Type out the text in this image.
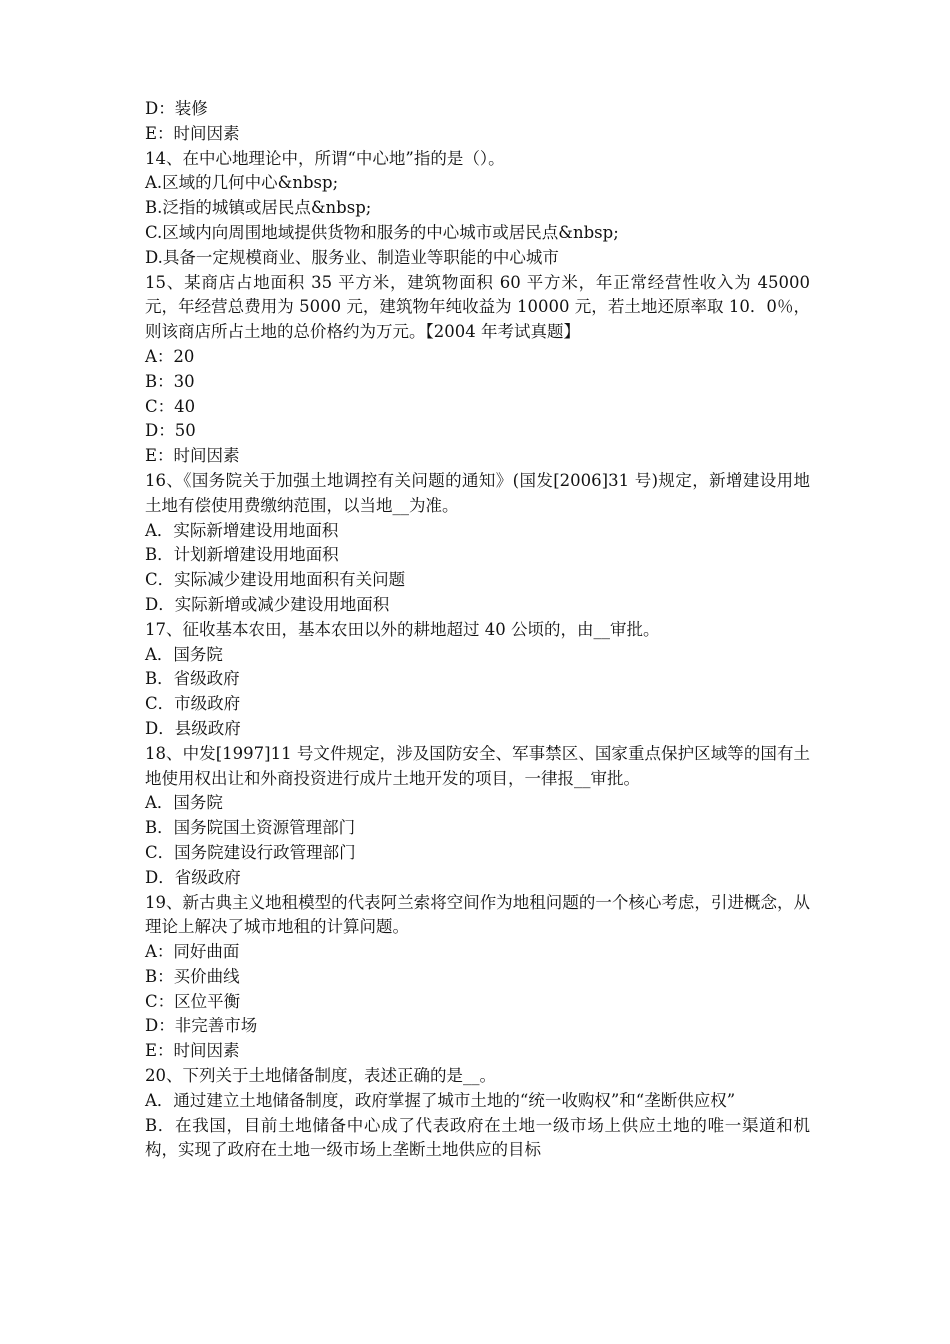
D：装修
E：时间因素
14、在中心地理论中，所谓“中心地”指的是（）。
A.区域的几何中心&nbsp;
B.泛指的城镇或居民点&nbsp;
C.区域内向周围地域提供货物和服务的中心城市或居民点&nbsp;
D.具备一定规模商业、服务业、制造业等职能的中心城市
15、某商店占地面积 35 平方米，建筑物面积 60 平方米，年正常经营性收入为 45000 元，年经营总费用为 5000 元，建筑物年纯收益为 10000 元，若土地还原率取 10．0％，则该商店所占土地的总价格约为万元。【2004 年考试真题】
A：20
B：30
C：40
D：50
E：时间因素
16、《国务院关于加强土地调控有关问题的通知》(国发[2006]31 号)规定，新增建设用地土地有偿使用费缴纳范围，以当地__为准。
A．实际新增建设用地面积
B．计划新增建设用地面积
C．实际减少建设用地面积有关问题
D．实际新增或减少建设用地面积
17、征收基本农田，基本农田以外的耕地超过 40 公顷的，由__审批。
A．国务院
B．省级政府
C．市级政府
D．县级政府
18、中发[1997]11 号文件规定，涉及国防安全、军事禁区、国家重点保护区域等的国有土地使用权出让和外商投资进行成片土地开发的项目，一律报__审批。
A．国务院
B．国务院国土资源管理部门
C．国务院建设行政管理部门
D．省级政府
19、新古典主义地租模型的代表阿兰索将空间作为地租问题的一个核心考虑，引进概念，从理论上解决了城市地租的计算问题。
A：同好曲面
B：买价曲线
C：区位平衡
D：非完善市场
E：时间因素
20、下列关于土地储备制度，表述正确的是__。
A．通过建立土地储备制度，政府掌握了城市土地的“统一收购权”和“垄断供应权”
B．在我国，目前土地储备中心成了代表政府在土地一级市场上供应土地的唯一渠道和机构，实现了政府在土地一级市场上垄断土地供应的目标
